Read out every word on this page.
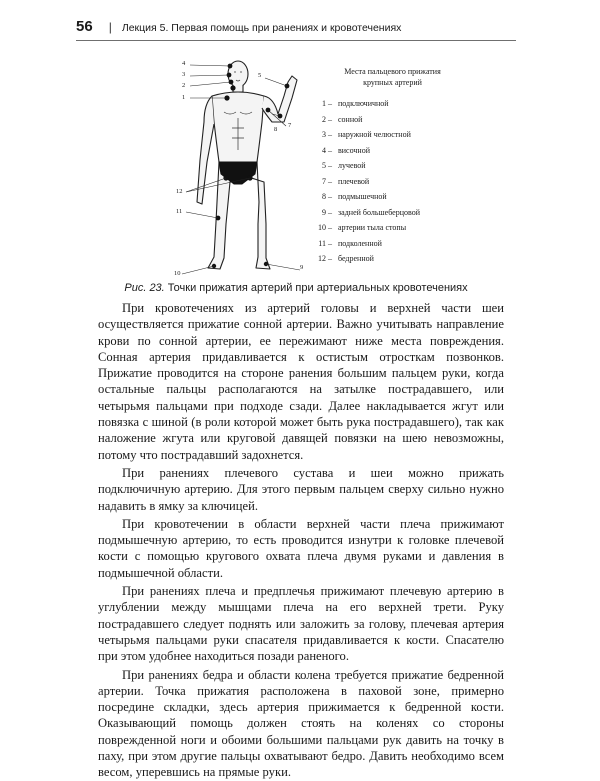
56 | Лекция 5. Первая помощь при ранениях и кровотечениях
4
3
2
1
5
7
8
9
10
11
12
Места пальцевого прижатия
крупных артерий
1 – подключичной
2 – сонной
3 – наружной челюстной
4 – височной
5 – лучевой
7 – плечевой
8 – подмышечной
9 – задней большеберцовой
10 – артерии тыла стопы
11 – подколенной
12 – бедренной
Рис. 23. Точки прижатия артерий при артериальных кровотечениях

При кровотечениях из артерий головы и верхней части шеи осуществляется прижатие сонной артерии. Важно учитывать направление крови по сонной артерии, ее пережимают ниже места повреждения. Сонная артерия придавливается к остистым отросткам позвонков. Прижатие проводится на стороне ранения большим пальцем руки, когда остальные пальцы располагаются на затылке пострадавшего, или четырьмя пальцами при подходе сзади. Далее накладывается жгут или повязка с шиной (в роли которой может быть рука пострадавшего), так как наложение жгута или круговой давящей повязки на шею невозможны, потому что пострадавший задохнется.

При ранениях плечевого сустава и шеи можно прижать подключичную артерию. Для этого первым пальцем сверху сильно нужно надавить в ямку за ключицей.

При кровотечении в области верхней части плеча прижимают подмышечную артерию, то есть проводится изнутри к головке плечевой кости с помощью кругового охвата плеча двумя руками и давления в подмышечной области.

При ранениях плеча и предплечья прижимают плечевую артерию в углублении между мышцами плеча на его верхней трети. Руку пострадавшего следует поднять или заложить за голову, плечевая артерия четырьмя пальцами руки спасателя придавливается к кости. Спасателю при этом удобнее находиться позади раненого.

При ранениях бедра и области колена требуется прижатие бедренной артерии. Точка прижатия расположена в паховой зоне, примерно посредине складки, здесь артерия прижимается к бедренной кости. Оказывающий помощь должен стоять на коленях со стороны поврежденной ноги и обоими большими пальцами рук давить на точку в паху, при этом другие пальцы охватывают бедро. Давить необходимо всем весом, уперевшись на прямые руки.
